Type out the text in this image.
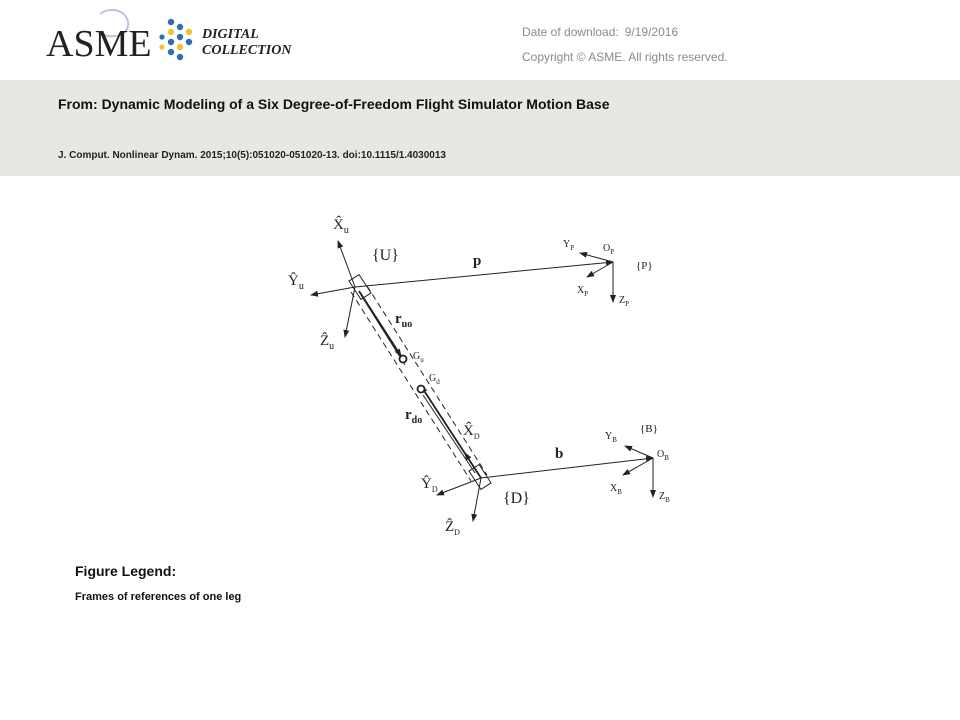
ASME	DIGITAL
COLLECTION
Date of download: 9/19/2016
Copyright © ASME. All rights reserved.
From: Dynamic Modeling of a Six Degree-of-Freedom Flight Simulator Motion Base
J. Comput. Nonlinear Dynam. 2015;10(5):051020-051020-13. doi:10.1115/1.4030013
$X̂_u$
$Ŷ_u$
Ẑ$_u$
{U}	p
$Y_P$	$O_P$
{P}
$X_P$
$Z_P$
$r_{uo}$
$G_u$
$G_d$
$r_{do}$
$X̂_D$
$Ŷ_D$
Ẑ$_D$
{D}
b
{B}
$Y_B$
$O_B$
$X_B$	$Z_B$
Figure Legend:
Frames of references of one leg
